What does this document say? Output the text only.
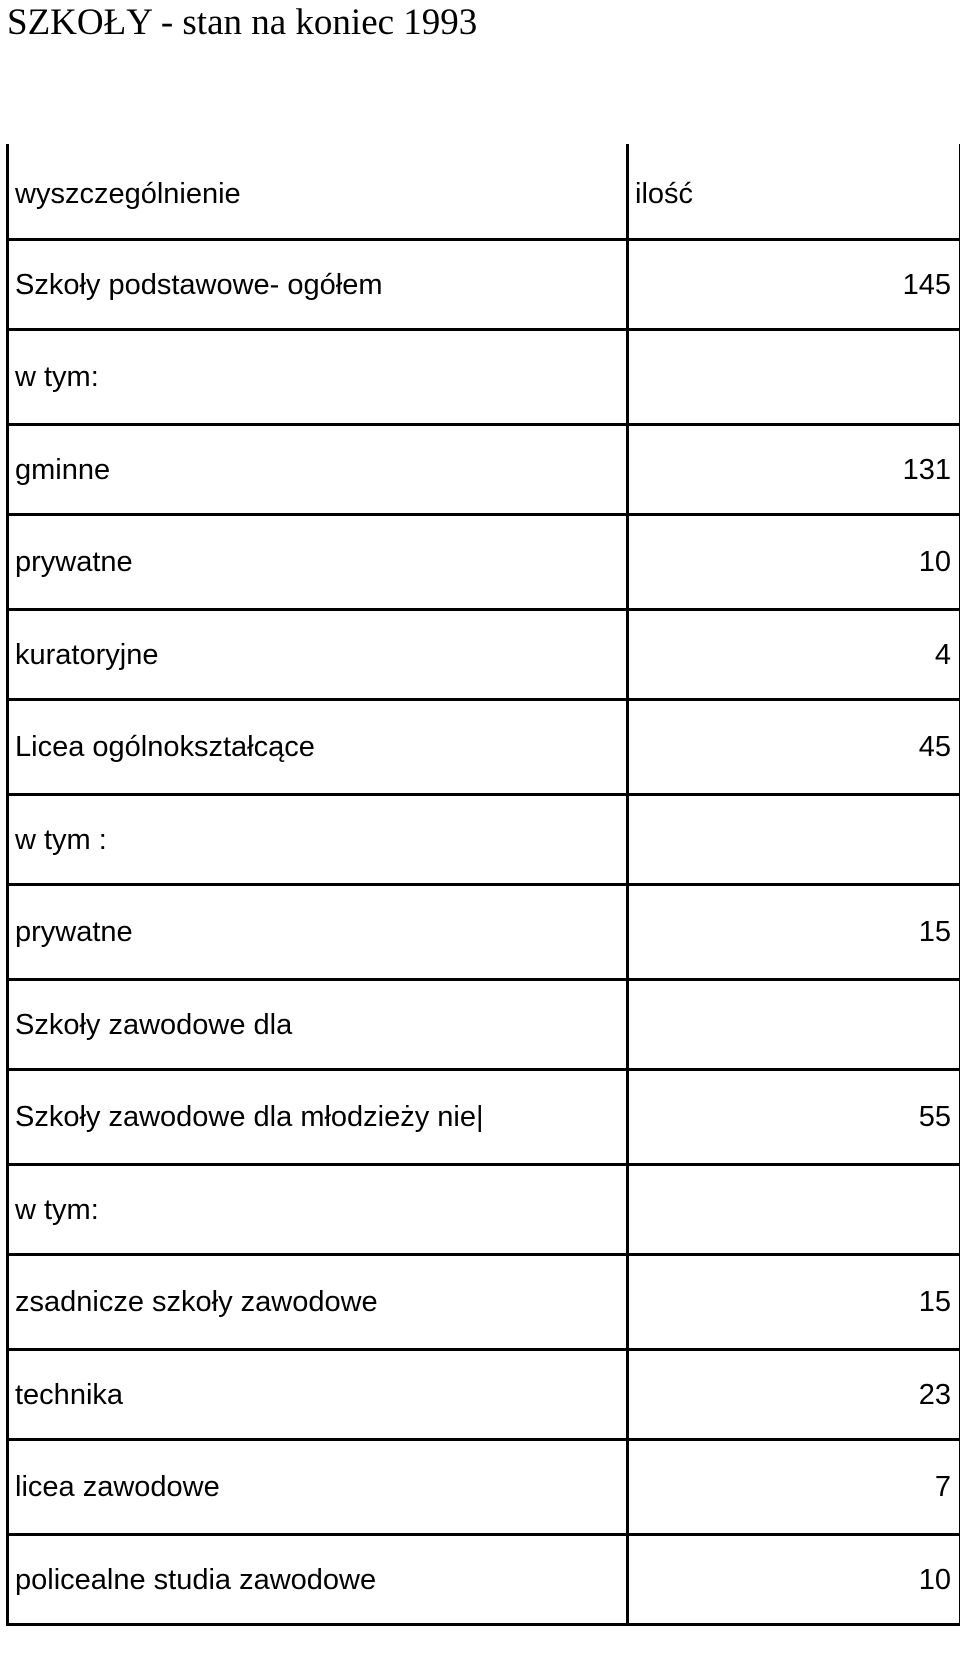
SZKOŁY - stan na koniec 1993
wyszczególnienie	ilość
Szkoły podstawowe- ogółem	145
w tym:	
gminne	131
prywatne	10
kuratoryjne	4
Licea ogólnokształcące	45
w tym :	
prywatne	15
Szkoły zawodowe dla	
Szkoły zawodowe dla młodzieży nie|	55
w tym:	
zsadnicze szkoły zawodowe	15
technika	23
licea zawodowe	7
policealne studia zawodowe	10
